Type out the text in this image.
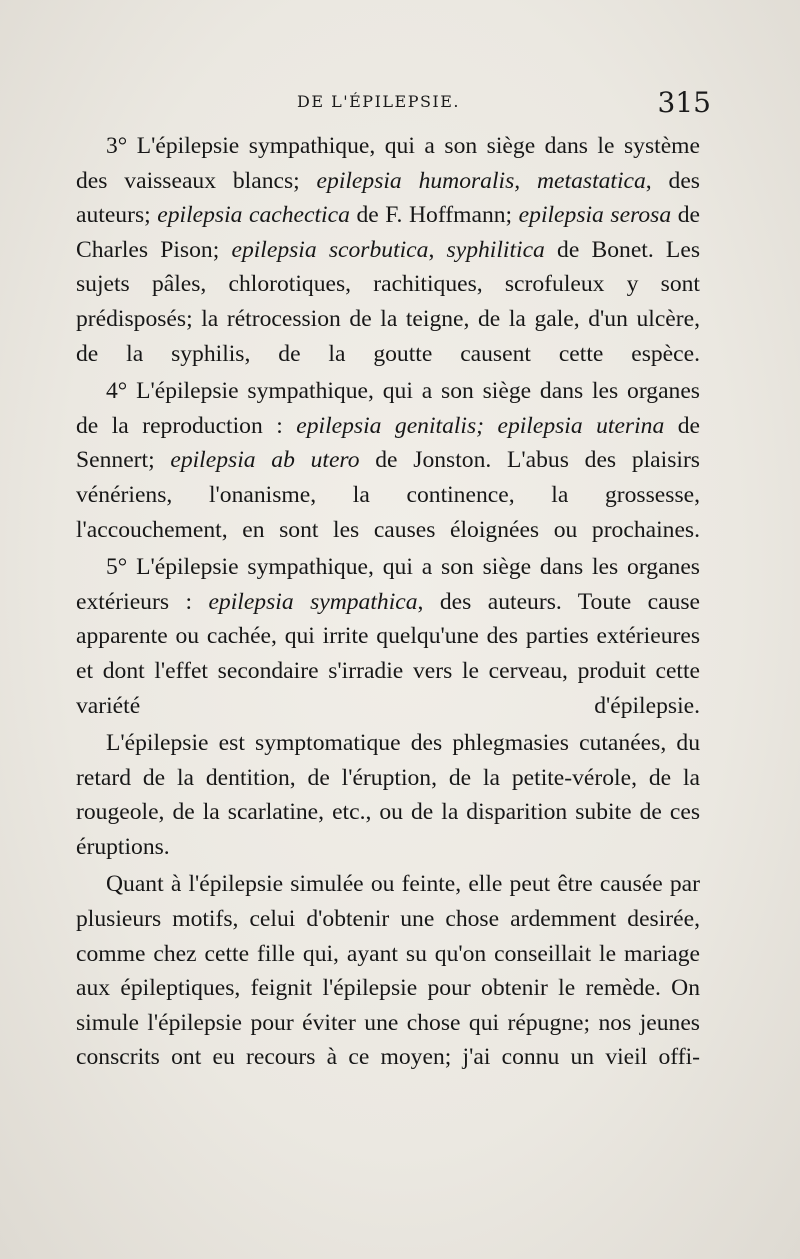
DE L'ÉPILEPSIE.	315

3° L'épilepsie sympathique, qui a son siège dans le système des vaisseaux blancs; epilepsia humoralis, metastatica, des auteurs; epilepsia cachectica de F. Hoffmann; epilepsia serosa de Charles Pison; epilepsia scorbutica, syphilitica de Bonet. Les sujets pâles, chlorotiques, rachitiques, scrofuleux y sont prédisposés; la rétrocession de la teigne, de la gale, d'un ulcère, de la syphilis, de la goutte causent cette espèce.

4° L'épilepsie sympathique, qui a son siège dans les organes de la reproduction : epilepsia genitalis; epilepsia uterina de Sennert; epilepsia ab utero de Jonston. L'abus des plaisirs vénériens, l'onanisme, la continence, la grossesse, l'accouchement, en sont les causes éloignées ou prochaines.

5° L'épilepsie sympathique, qui a son siège dans les organes extérieurs : epilepsia sympathica, des auteurs. Toute cause apparente ou cachée, qui irrite quelqu'une des parties extérieures et dont l'effet secondaire s'irradie vers le cerveau, produit cette variété d'épilepsie.

L'épilepsie est symptomatique des phlegmasies cutanées, du retard de la dentition, de l'éruption, de la petite-vérole, de la rougeole, de la scarlatine, etc., ou de la disparition subite de ces éruptions.

Quant à l'épilepsie simulée ou feinte, elle peut être causée par plusieurs motifs, celui d'obtenir une chose ardemment desirée, comme chez cette fille qui, ayant su qu'on conseillait le mariage aux épileptiques, feignit l'épilepsie pour obtenir le remède. On simule l'épilepsie pour éviter une chose qui répugne; nos jeunes conscrits ont eu recours à ce moyen; j'ai connu un vieil offi-
